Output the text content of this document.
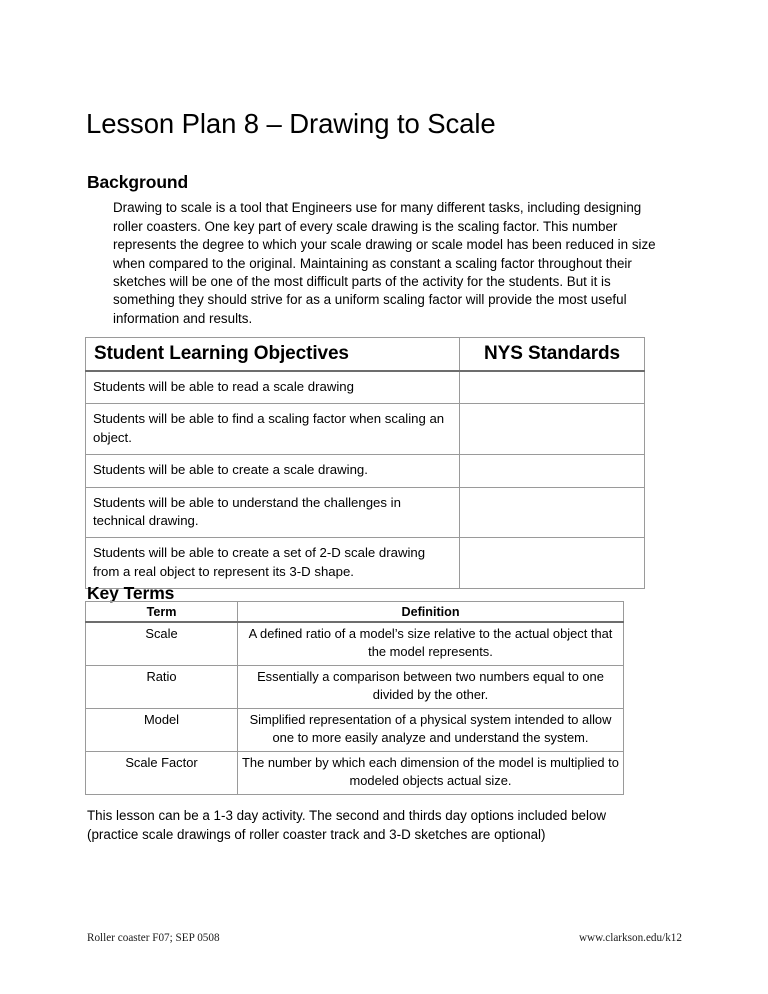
Lesson Plan 8 – Drawing to Scale
Background

Drawing to scale is a tool that Engineers use for many different tasks, including designing roller coasters. One key part of every scale drawing is the scaling factor. This number represents the degree to which your scale drawing or scale model has been reduced in size when compared to the original. Maintaining as constant a scaling factor throughout their sketches will be one of the most difficult parts of the activity for the students. But it is something they should strive for as a uniform scaling factor will provide the most useful information and results.

Student Learning Objectives	NYS Standards
Students will be able to read a scale drawing	
Students will be able to find a scaling factor when scaling an object.	
Students will be able to create a scale drawing.	
Students will be able to understand the challenges in technical drawing.	
Students will be able to create a set of 2-D scale drawing from a real object to represent its 3-D shape.	
Key Terms
Term	Definition
Scale	A defined ratio of a model’s size relative to the actual object that the model represents.
Ratio	Essentially a comparison between two numbers equal to one divided by the other.
Model	Simplified representation of a physical system intended to allow one to more easily analyze and understand the system.
Scale Factor	The number by which each dimension of the model is multiplied to modeled objects actual size.

This lesson can be a 1-3 day activity. The second and thirds day options included below (practice scale drawings of roller coaster track and 3-D sketches are optional)

Roller coaster F07; SEP 0508	www.clarkson.edu/k12
